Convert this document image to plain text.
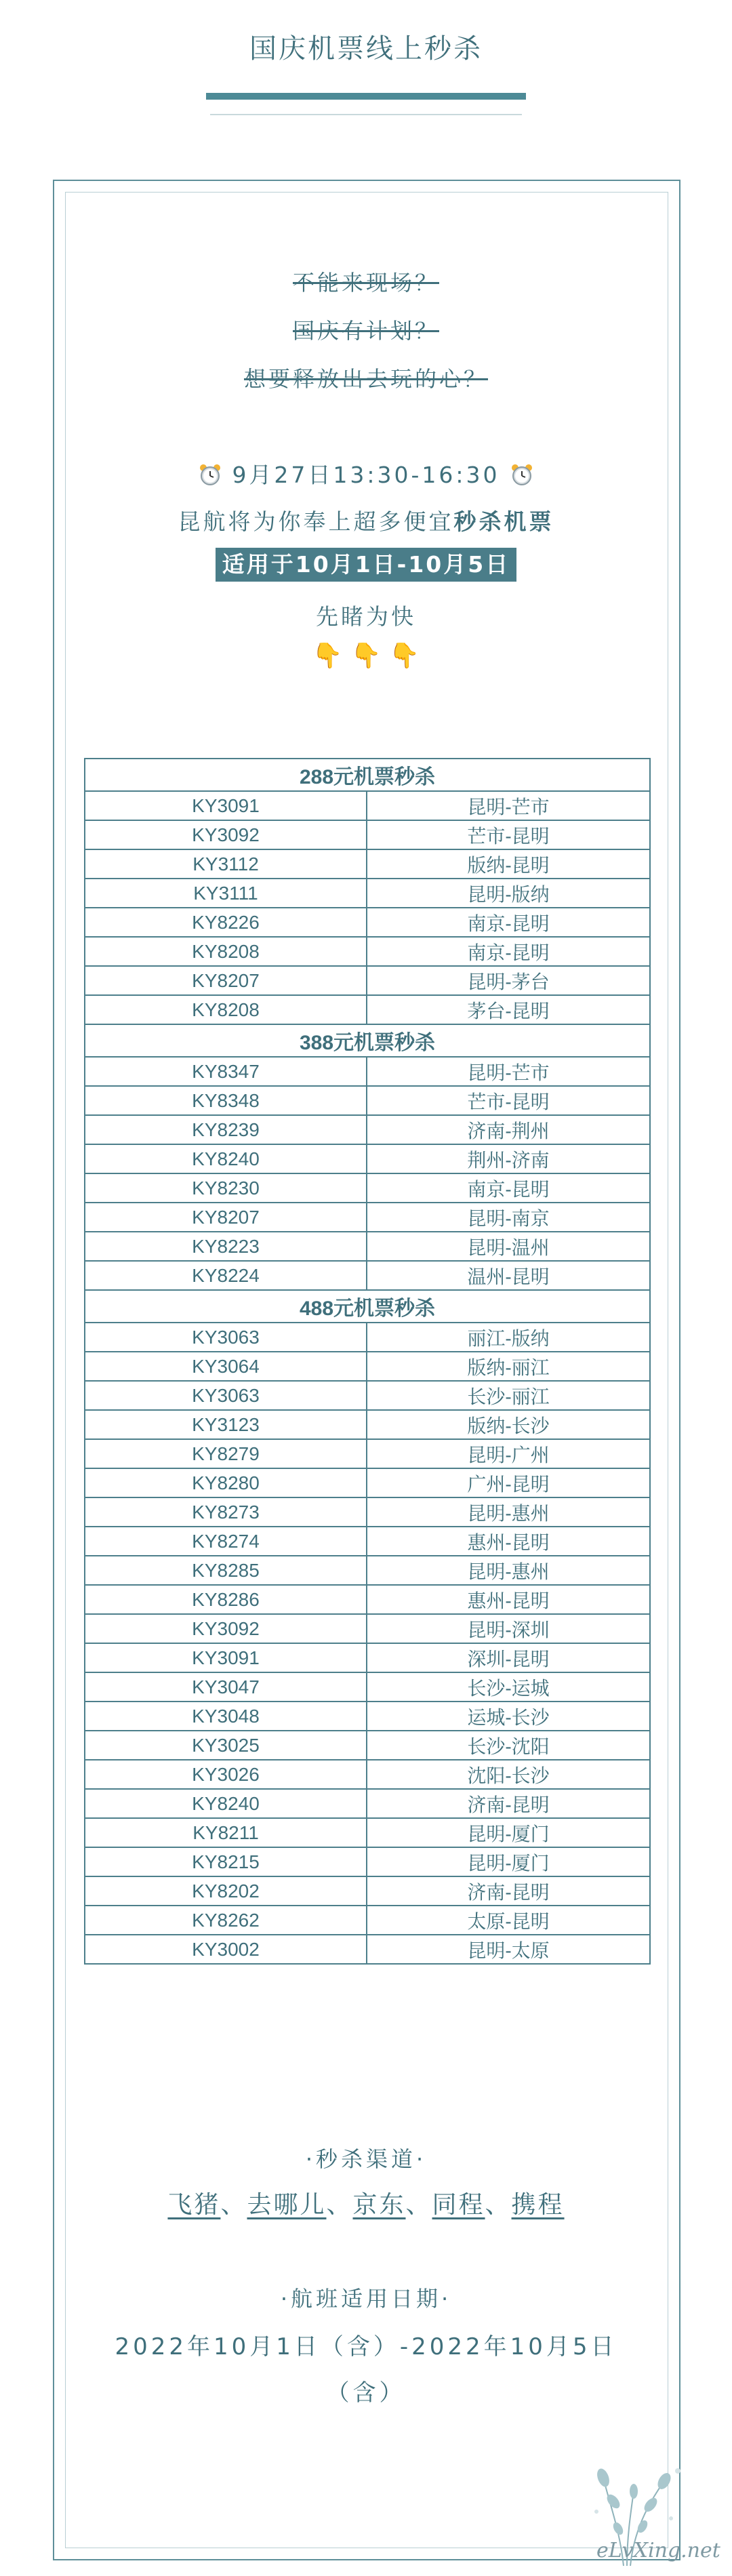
国庆机票线上秒杀
不能来现场？
国庆有计划？
想要释放出去玩的心？
9月27日13:30-16:30
昆航将为你奉上超多便宜秒杀机票
适用于10月1日-10月5日
先睹为快
👇 👇 👇
288元机票秒杀	
KY3091	昆明-芒市
KY3092	芒市-昆明
KY3112	版纳-昆明
KY3111	昆明-版纳
KY8226	南京-昆明
KY8208	南京-昆明
KY8207	昆明-茅台
KY8208	茅台-昆明
388元机票秒杀	
KY8347	昆明-芒市
KY8348	芒市-昆明
KY8239	济南-荆州
KY8240	荆州-济南
KY8230	南京-昆明
KY8207	昆明-南京
KY8223	昆明-温州
KY8224	温州-昆明
488元机票秒杀	
KY3063	丽江-版纳
KY3064	版纳-丽江
KY3063	长沙-丽江
KY3123	版纳-长沙
KY8279	昆明-广州
KY8280	广州-昆明
KY8273	昆明-惠州
KY8274	惠州-昆明
KY8285	昆明-惠州
KY8286	惠州-昆明
KY3092	昆明-深圳
KY3091	深圳-昆明
KY3047	长沙-运城
KY3048	运城-长沙
KY3025	长沙-沈阳
KY3026	沈阳-长沙
KY8240	济南-昆明
KY8211	昆明-厦门
KY8215	昆明-厦门
KY8202	济南-昆明
KY8262	太原-昆明
KY3002	昆明-太原
·秒杀渠道·
飞猪、去哪儿、京东、同程、携程
·航班适用日期·
2022年10月1日（含）-2022年10月5日
（含）
eLvXing.net
